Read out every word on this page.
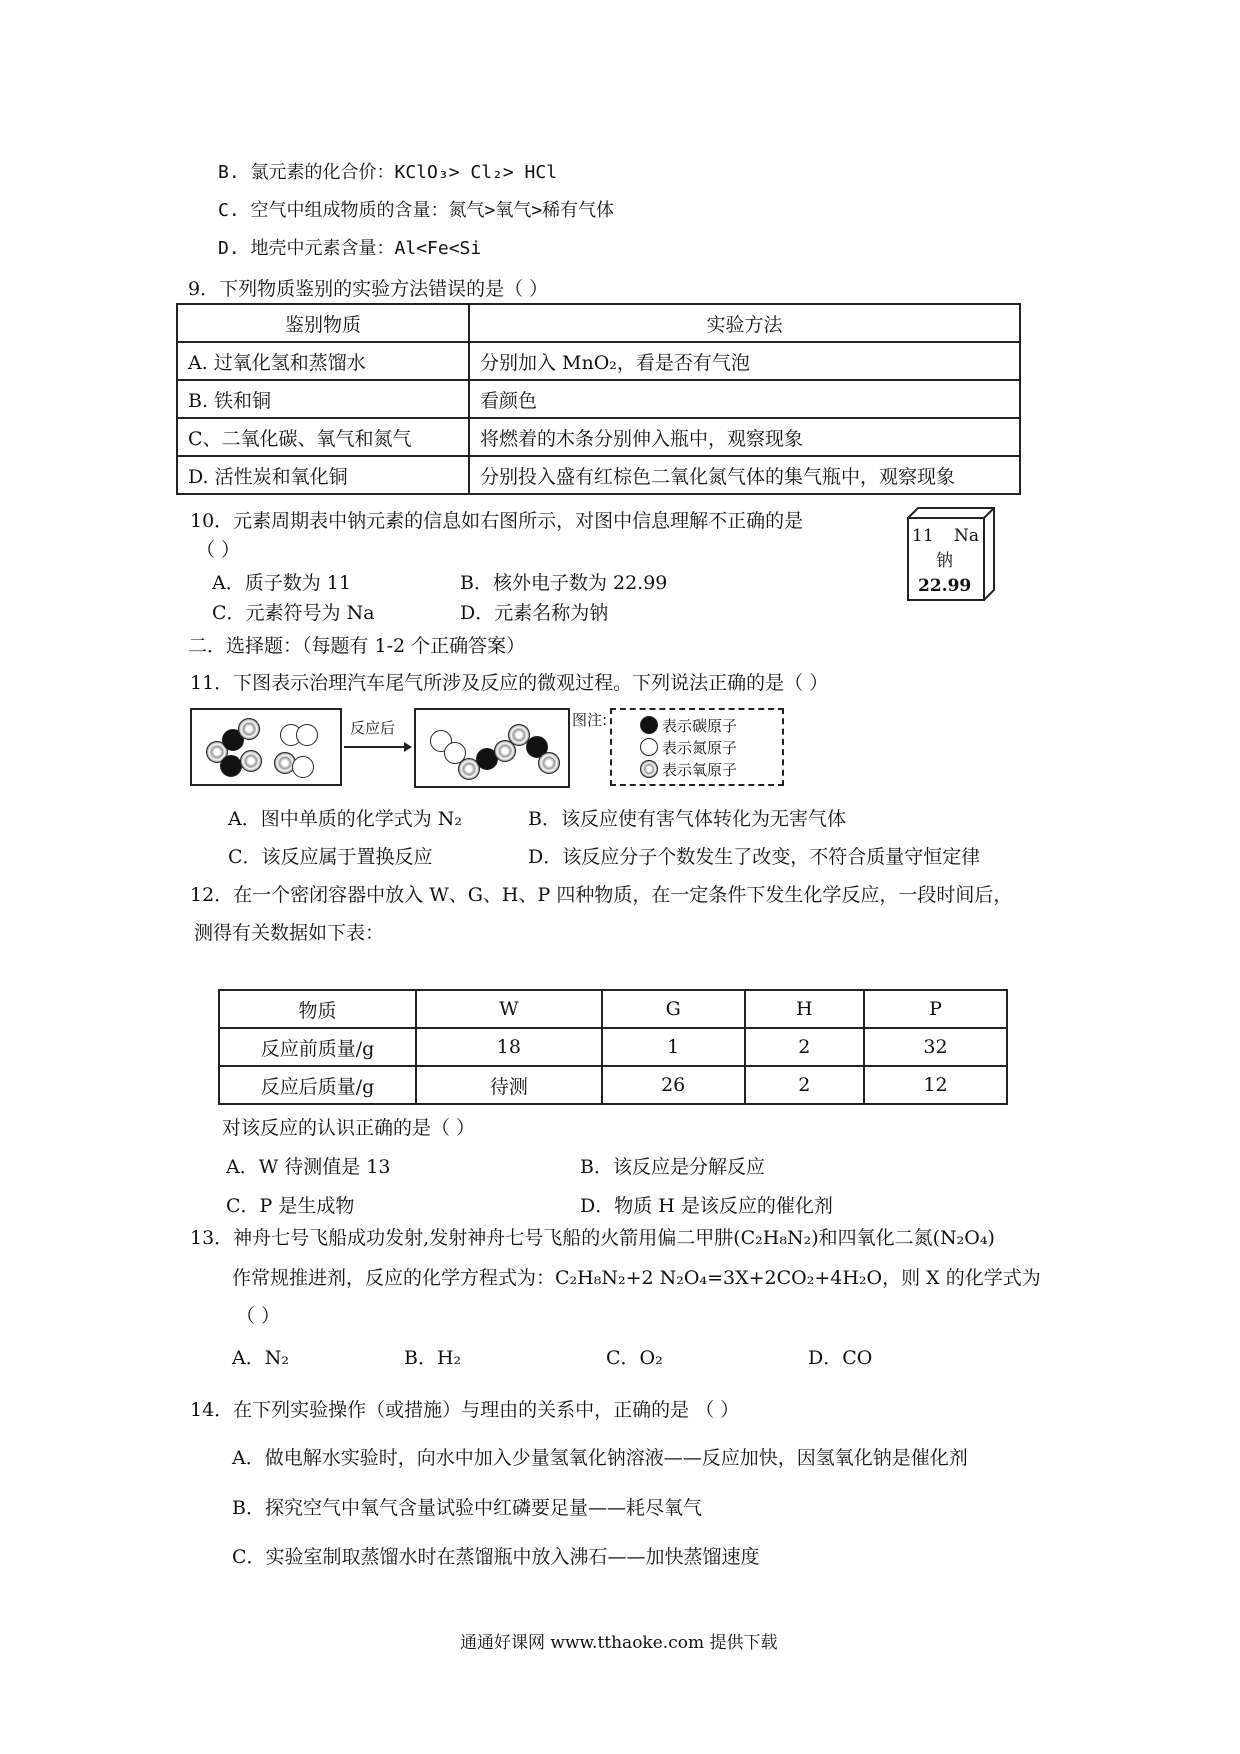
B. 氯元素的化合价：KClO₃> Cl₂> HCl
C. 空气中组成物质的含量：氮气>氧气>稀有气体
D. 地壳中元素含量：Al<Fe<Si
9．下列物质鉴别的实验方法错误的是（ ）
鉴别物质	实验方法
A. 过氧化氢和蒸馏水	分别加入 MnO₂，看是否有气泡
B. 铁和铜	看颜色
C、二氧化碳、氧气和氮气	将燃着的木条分别伸入瓶中，观察现象
D. 活性炭和氧化铜	分别投入盛有红棕色二氧化氮气体的集气瓶中，观察现象
10．元素周期表中钠元素的信息如右图所示，对图中信息理解不正确的是
（ ）
A．质子数为 11	B．核外电子数为 22.99
C．元素符号为 Na	D．元素名称为钠
11 Na
钠
22.99
二．选择题：（每题有 1-2 个正确答案）
11．下图表示治理汽车尾气所涉及反应的微观过程。下列说法正确的是（ ）
反应后	图注:	表示碳原子
表示氮原子
表示氧原子
A．图中单质的化学式为 N₂	B．该反应使有害气体转化为无害气体
C．该反应属于置换反应	D．该反应分子个数发生了改变，不符合质量守恒定律
12．在一个密闭容器中放入 W、G、H、P 四种物质，在一定条件下发生化学反应，一段时间后，
测得有关数据如下表：
物质	W	G	H	P
反应前质量/g	18	1	2	32
反应后质量/g	待测	26	2	12
对该反应的认识正确的是（ ）
A．W 待测值是 13	B．该反应是分解反应
C．P 是生成物	D．物质 H 是该反应的催化剂
13．神舟七号飞船成功发射,发射神舟七号飞船的火箭用偏二甲肼(C₂H₈N₂)和四氧化二氮(N₂O₄)
作常规推进剂，反应的化学方程式为：C₂H₈N₂+2 N₂O₄=3X+2CO₂+4H₂O，则 X 的化学式为
（ ）
A．N₂	B．H₂	C．O₂	D．CO
14．在下列实验操作（或措施）与理由的关系中，正确的是 （ ）
A．做电解水实验时，向水中加入少量氢氧化钠溶液——反应加快，因氢氧化钠是催化剂
B．探究空气中氧气含量试验中红磷要足量——耗尽氧气
C．实验室制取蒸馏水时在蒸馏瓶中放入沸石——加快蒸馏速度
通通好课网 www.tthaoke.com 提供下载
